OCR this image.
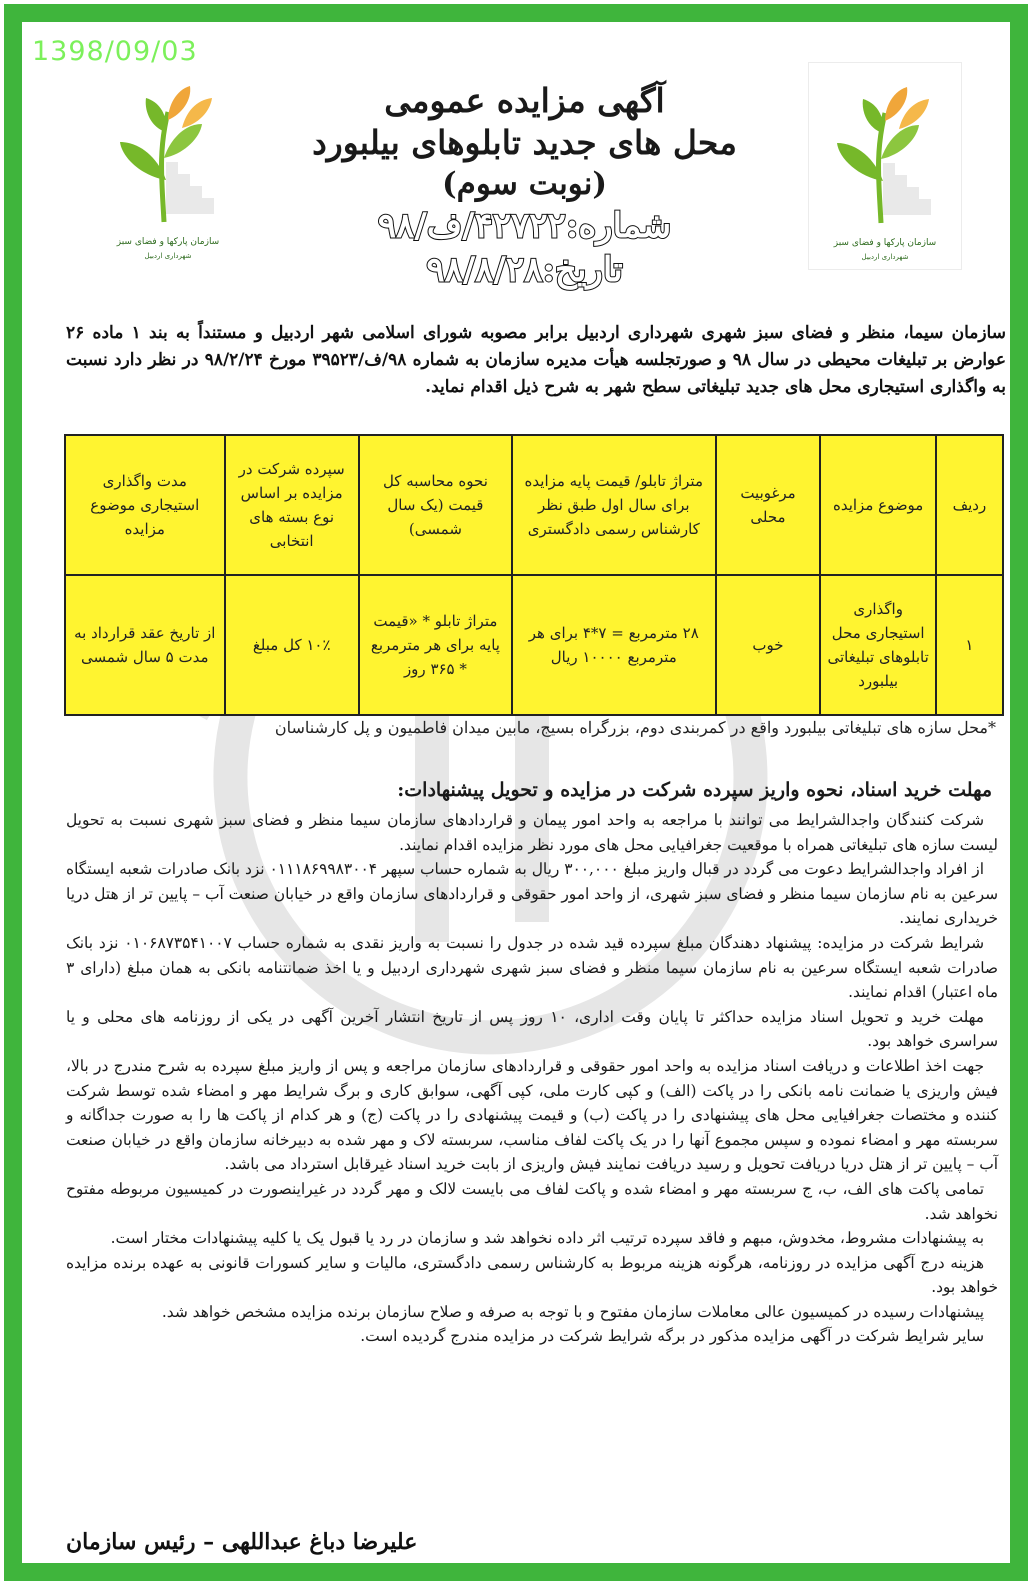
1398/09/03
سازمان پارکها و فضای سبز
شهرداری اردبیل
سازمان پارکها و فضای سبز
شهرداری اردبیل
آگهی مزایده عمومی
محل های جدید تابلوهای بیلبورد
(نوبت سوم)
شماره:۴۲۷۲۲/ف/۹۸
تاریخ:۹۸/۸/۲۸
سازمان سیما، منظر و فضای سبز شهری شهرداری اردبیل برابر مصوبه شورای اسلامی شهر اردبیل و مستنداً به بند ۱ ماده ۲۶ عوارض بر تبلیغات محیطی در سال ۹۸ و صورتجلسه هیأت مدیره سازمان به شماره ۹۸/ف/۳۹۵۲۳ مورخ ۹۸/۲/۲۴ در نظر دارد نسبت به واگذاری استیجاری محل های جدید تبلیغاتی سطح شهر به شرح ذیل اقدام نماید.
ردیف	موضوع مزایده	مرغوبیت محلی	متراژ تابلو/ قیمت پایه مزایده برای سال اول طبق نظر کارشناس رسمی دادگستری	نحوه محاسبه کل قیمت (یک سال شمسی)	سپرده شرکت در مزایده بر اساس نوع بسته های انتخابی	مدت واگذاری استیجاری موضوع مزایده
۱	واگذاری استیجاری محل تابلوهای تبلیغاتی بیلبورد	خوب	۲۸ مترمربع = ۷*۴ برای هر مترمربع ۱۰۰۰۰ ریال	متراژ تابلو * «قیمت پایه برای هر مترمربع * ۳۶۵ روز	۱۰٪ کل مبلغ	از تاریخ عقد قرارداد به مدت ۵ سال شمسی
*محل سازه های تبلیغاتی بیلبورد واقع در کمربندی دوم، بزرگراه بسیج، مابین میدان فاطمیون و پل کارشناسان
مهلت خرید اسناد، نحوه واریز سپرده شرکت در مزایده و تحویل پیشنهادات:

شرکت کنندگان واجدالشرایط می توانند با مراجعه به واحد امور پیمان و قراردادهای سازمان سیما منظر و فضای سبز شهری نسبت به تحویل لیست سازه های تبلیغاتی همراه با موقعیت جغرافیایی محل های مورد نظر مزایده اقدام نمایند.

از افراد واجدالشرایط دعوت می گردد در قبال واریز مبلغ ۳۰۰,۰۰۰ ریال به شماره حساب سپهر ۰۱۱۱۸۶۹۹۸۳۰۰۴ نزد بانک صادرات شعبه ایستگاه سرعین به نام سازمان سیما منظر و فضای سبز شهری، از واحد امور حقوقی و قراردادهای سازمان واقع در خیابان صنعت آب – پایین تر از هتل دریا خریداری نمایند.

شرایط شرکت در مزایده: پیشنهاد دهندگان مبلغ سپرده قید شده در جدول را نسبت به واریز نقدی به شماره حساب ۰۱۰۶۸۷۳۵۴۱۰۰۷ نزد بانک صادرات شعبه ایستگاه سرعین به نام سازمان سیما منظر و فضای سبز شهری شهرداری اردبیل و یا اخذ ضمانتنامه بانکی به همان مبلغ (دارای ۳ ماه اعتبار) اقدام نمایند.

مهلت خرید و تحویل اسناد مزایده حداکثر تا پایان وقت اداری، ۱۰ روز پس از تاریخ انتشار آخرین آگهی در یکی از روزنامه های محلی و یا سراسری خواهد بود.

جهت اخذ اطلاعات و دریافت اسناد مزایده به واحد امور حقوقی و قراردادهای سازمان مراجعه و پس از واریز مبلغ سپرده به شرح مندرج در بالا، فیش واریزی یا ضمانت نامه بانکی را در پاکت (الف) و کپی کارت ملی، کپی آگهی، سوابق کاری و برگ شرایط مهر و امضاء شده توسط شرکت کننده و مختصات جغرافیایی محل های پیشنهادی را در پاکت (ب) و قیمت پیشنهادی را در پاکت (ج) و هر کدام از پاکت ها را به صورت جداگانه و سربسته مهر و امضاء نموده و سپس مجموع آنها را در یک پاکت لفاف مناسب، سربسته لاک و مهر شده به دبیرخانه سازمان واقع در خیابان صنعت آب – پایین تر از هتل دریا دریافت تحویل و رسید دریافت نمایند فیش واریزی از بابت خرید اسناد غیرقابل استرداد می باشد.

تمامی پاکت های الف، ب، ج سربسته مهر و امضاء شده و پاکت لفاف می بایست لالک و مهر گردد در غیراینصورت در کمیسیون مربوطه مفتوح نخواهد شد.

به پیشنهادات مشروط، مخدوش، مبهم و فاقد سپرده ترتیب اثر داده نخواهد شد و سازمان در رد یا قبول یک یا کلیه پیشنهادات مختار است.

هزینه درج آگهی مزایده در روزنامه، هرگونه هزینه مربوط به کارشناس رسمی دادگستری، مالیات و سایر کسورات قانونی به عهده برنده مزایده خواهد بود.

پیشنهادات رسیده در کمیسیون عالی معاملات سازمان مفتوح و با توجه به صرفه و صلاح سازمان برنده مزایده مشخص خواهد شد.

سایر شرایط شرکت در آگهی مزایده مذکور در برگه شرایط شرکت در مزایده مندرج گردیده است.

علیرضا دباغ عبداللهی – رئیس سازمان
